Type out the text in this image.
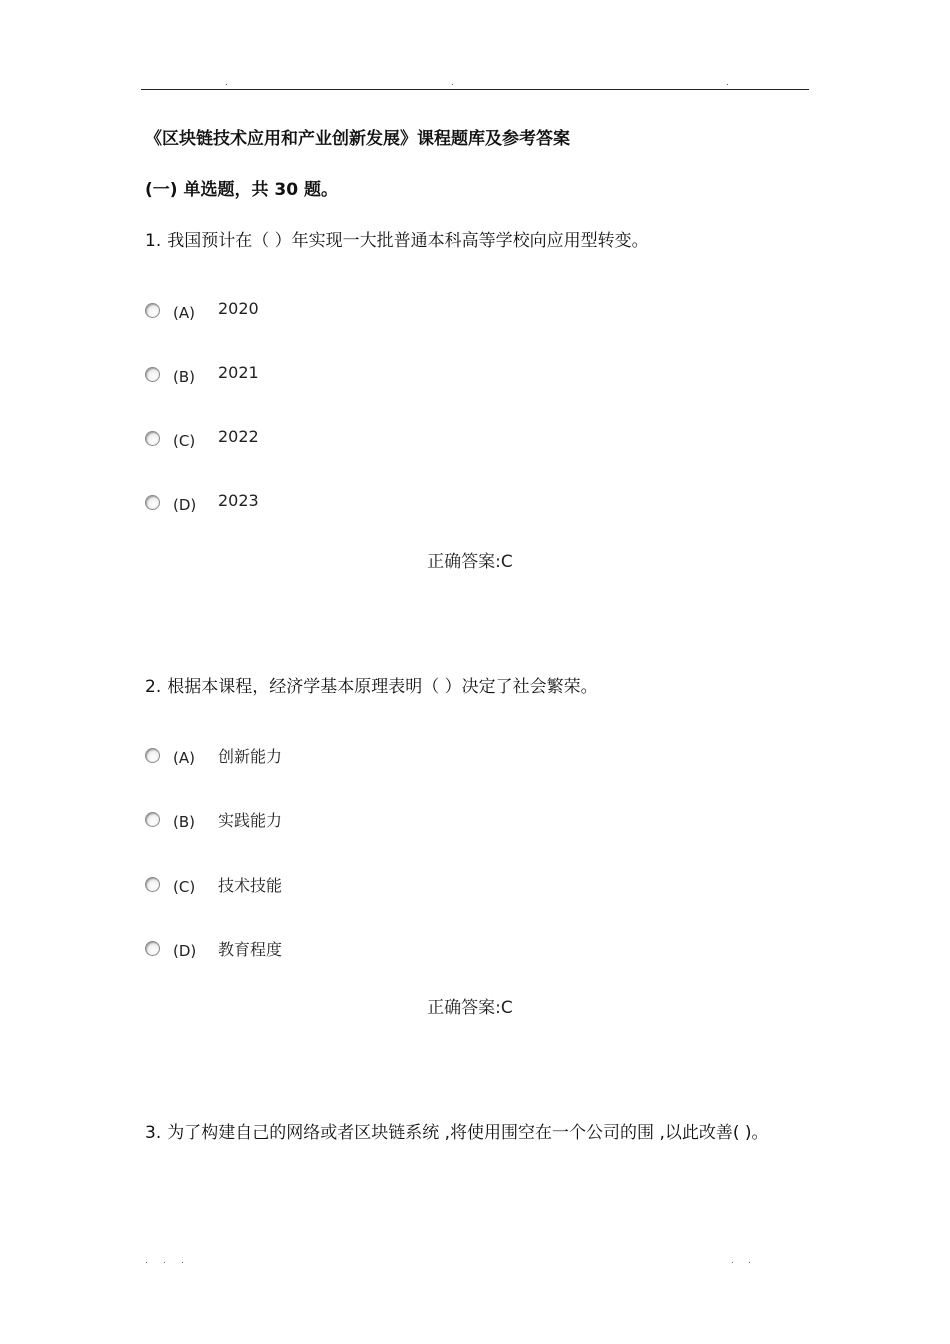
.	.	.
《区块链技术应用和产业创新发展》课程题库及参考答案
(一) 单选题，共 30 题。
1. 我国预计在（ ）年实现一大批普通本科高等学校向应用型转变。
(A) 2020
(B) 2021
(C) 2022
(D) 2023
正确答案:C
2. 根据本课程，经济学基本原理表明（ ）决定了社会繁荣。
(A) 创新能力
(B) 实践能力
(C) 技术技能
(D) 教育程度
正确答案:C
3. 为了构建自己的网络或者区块链系统 ,将使用围空在一个公司的围 ,以此改善( )。
. . .	. .
